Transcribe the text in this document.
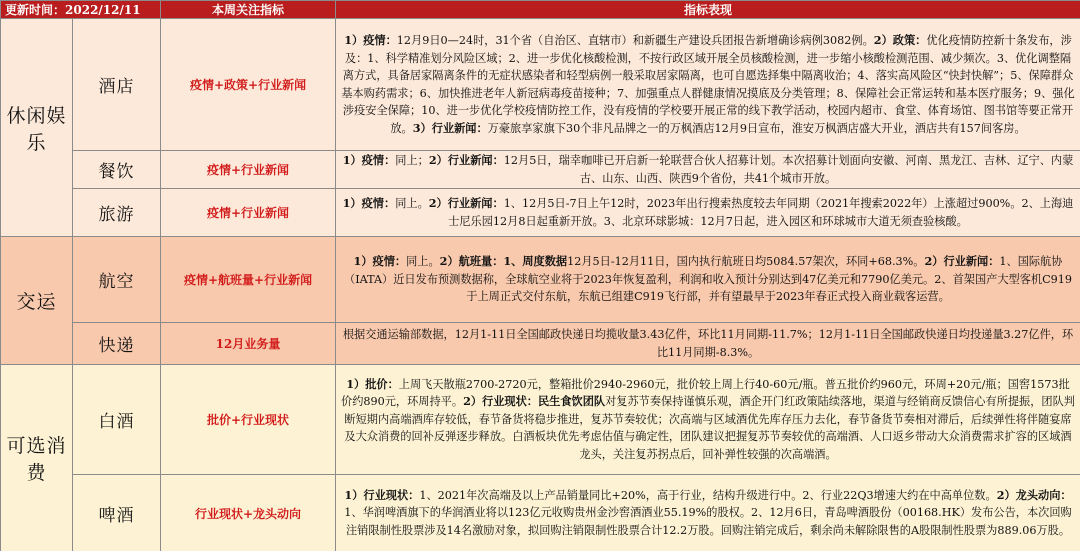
更新时间：2022/12/11		本周关注指标	指标表现
休闲娱乐	酒店	疫情+政策+行业新闻	1）疫情：12月9日0—24时，31个省（自治区、直辖市）和新疆生产建设兵团报告新增确诊病例3082例。2）政策：优化疫情防控新十条发布，涉及：1、科学精准划分风险区域；2、进一步优化核酸检测，不按行政区域开展全员核酸检测，进一步缩小核酸检测范围、减少频次。3、优化调整隔离方式，具备居家隔离条件的无症状感染者和轻型病例一般采取居家隔离，也可自愿选择集中隔离收治；4、落实高风险区“快封快解”；5、保障群众基本购药需求；6、加快推进老年人新冠病毒疫苗接种；7、加强重点人群健康情况摸底及分类管理；8、保障社会正常运转和基本医疗服务；9、强化涉疫安全保障；10、进一步优化学校疫情防控工作，没有疫情的学校要开展正常的线下教学活动，校园内超市、食堂、体育场馆、图书馆等要正常开放。3）行业新闻：万豪旅享家旗下30个非凡品牌之一的万枫酒店12月9日宣布，淮安万枫酒店盛大开业，酒店共有157间客房。
	餐饮	疫情+行业新闻	1）疫情：同上；2）行业新闻：12月5日，瑞幸咖啡已开启新一轮联营合伙人招募计划。本次招募计划面向安徽、河南、黑龙江、吉林、辽宁、内蒙古、山东、山西、陕西9个省份，共41个城市开放。
	旅游	疫情+行业新闻	1）疫情：同上。2）行业新闻：1、12月5日-7日上午12时，2023年出行搜索热度较去年同期（2021年搜索2022年）上涨超过900%。2、上海迪士尼乐园12月8日起重新开放。3、北京环球影城：12月7日起，进入园区和环球城市大道无须查验核酸。
交运	航空	疫情+航班量+行业新闻	1）疫情：同上。2）航班量：1、周度数据12月5日-12月11日，国内执行航班日均5084.57架次，环同+68.3%。2）行业新闻：1、国际航协（IATA）近日发布预测数据称，全球航空业将于2023年恢复盈利，利润和收入预计分别达到47亿美元和7790亿美元。2、首架国产大型客机C919于上周正式交付东航，东航已组建C919飞行部，并有望最早于2023年春正式投入商业载客运营。
	快递	12月业务量	根据交通运输部数据，12月1-11日全国邮政快递日均揽收量3.43亿件，环比11月同期-11.7%；12月1-11日全国邮政快递日均投递量3.27亿件，环比11月同期-8.3%。
可选消费	白酒	批价+行业现状	1）批价：上周飞天散瓶2700-2720元，整箱批价2940-2960元，批价较上周上行40-60元/瓶。普五批价约960元，环周+20元/瓶；国窖1573批价约890元，环周持平。2）行业现状：民生食饮团队对复苏节奏保持谨慎乐观，酒企开门红政策陆续落地，渠道与经销商反馈信心有所提振，团队判断短期内高端酒库存较低，春节备货将稳步推进，复苏节奏较优；次高端与区域酒优先库存压力去化，春节备货节奏相对滞后，后续弹性将伴随宴席及大众消费的回补反弹逐步释放。白酒板块优先考虑估值与确定性，团队建议把握复苏节奏较优的高端酒、人口返乡带动大众消费需求扩容的区域酒龙头，关注复苏拐点后，回补弹性较强的次高端酒。
	啤酒	行业现状+龙头动向	1）行业现状：1、2021年次高端及以上产品销量同比+20%，高于行业，结构升级进行中。2、行业22Q3增速大约在中高单位数。2）龙头动向：1、华润啤酒旗下的华润酒业将以123亿元收购贵州金沙窖酒酒业55.19%的股权。2、12月6日，青岛啤酒股份（00168.HK）发布公告，本次回购注销限制性股票涉及14名激励对象，拟回购注销限制性股票合计12.2万股。回购注销完成后，剩余尚未解除限售的A股限制性股票为889.06万股。
